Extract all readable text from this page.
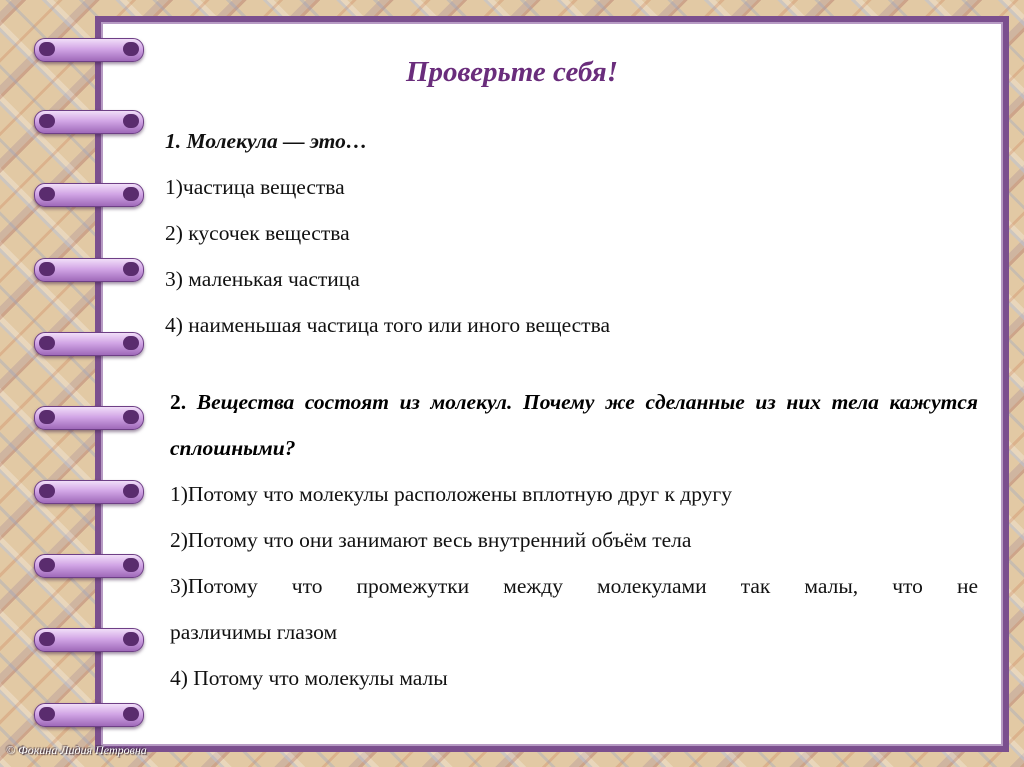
Проверьте себя!

1. Молекула — это…

1)частица вещества

2) кусочек вещества

3) маленькая частица

4) наименьшая частица того или иного вещества

2. Вещества состоят из молекул. Почему же сделанные из них тела кажутся сплошными?

1)Потому что молекулы расположены вплотную друг к другу

2)Потому что они занимают весь внутренний объём тела

3)Потому что промежутки между молекулами так малы, что не

различимы глазом

4) Потому что молекулы малы

© Фокина Лидия Петровна
